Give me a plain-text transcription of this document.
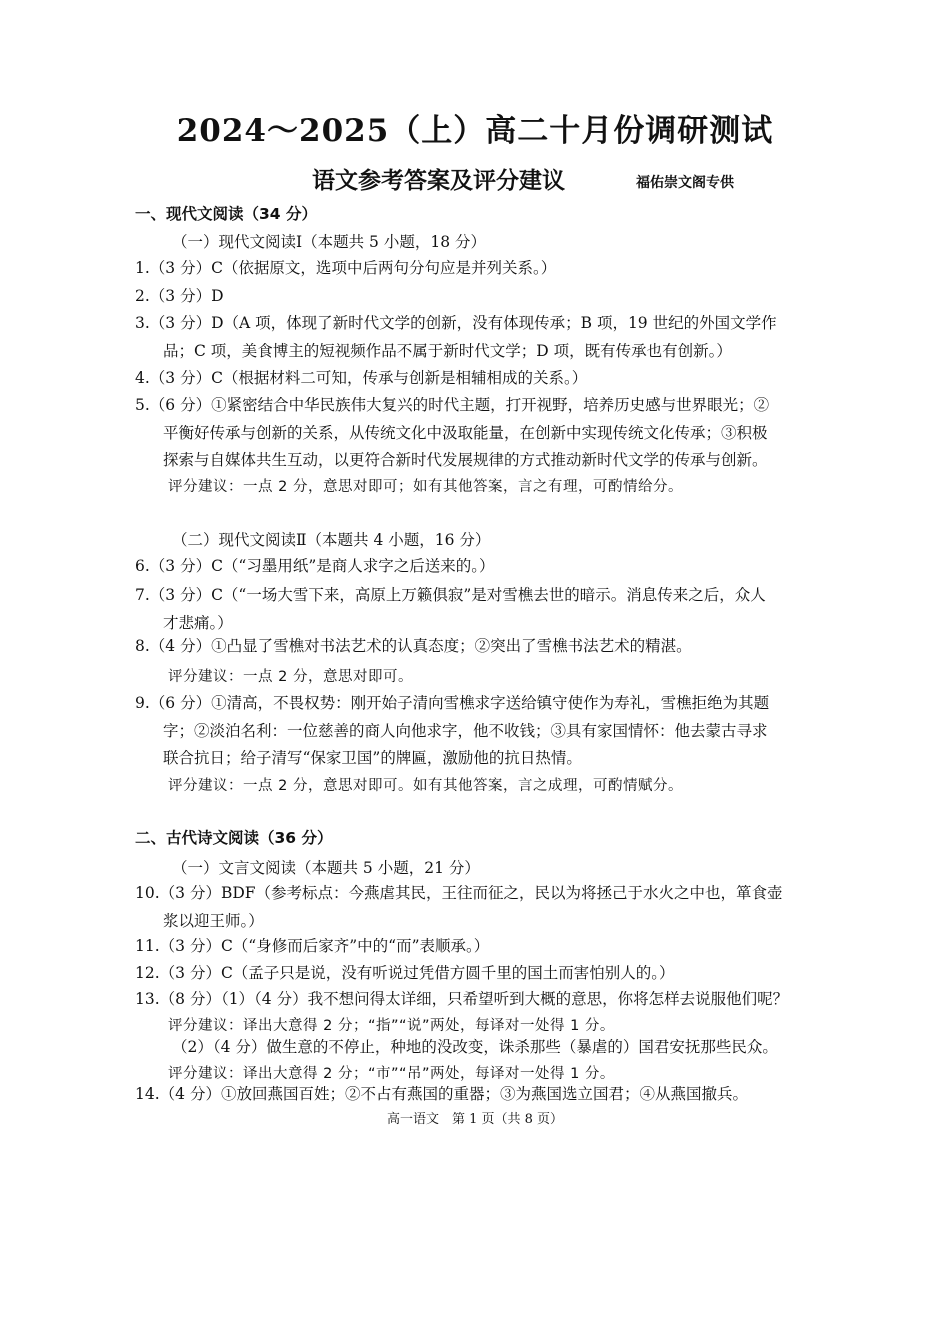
2024～2025（上）高二十月份调研测试
语文参考答案及评分建议	福佑崇文阁专供
一、现代文阅读（34 分）
（一）现代文阅读Ⅰ（本题共 5 小题，18 分）
1.（3 分）C（依据原文，选项中后两句分句应是并列关系。）
2.（3 分）D
3.（3 分）D（A 项，体现了新时代文学的创新，没有体现传承；B 项，19 世纪的外国文学作
品；C 项，美食博主的短视频作品不属于新时代文学；D 项，既有传承也有创新。）
4.（3 分）C（根据材料二可知，传承与创新是相辅相成的关系。）
5.（6 分）①紧密结合中华民族伟大复兴的时代主题，打开视野，培养历史感与世界眼光；②
平衡好传承与创新的关系，从传统文化中汲取能量，在创新中实现传统文化传承；③积极
探索与自媒体共生互动，以更符合新时代发展规律的方式推动新时代文学的传承与创新。
评分建议：一点 2 分，意思对即可；如有其他答案，言之有理，可酌情给分。
（二）现代文阅读Ⅱ（本题共 4 小题，16 分）
6.（3 分）C（“习墨用纸”是商人求字之后送来的。）
7.（3 分）C（“一场大雪下来，高原上万籁俱寂”是对雪樵去世的暗示。消息传来之后，众人
才悲痛。）
8.（4 分）①凸显了雪樵对书法艺术的认真态度；②突出了雪樵书法艺术的精湛。
评分建议：一点 2 分，意思对即可。
9.（6 分）①清高，不畏权势：刚开始子清向雪樵求字送给镇守使作为寿礼，雪樵拒绝为其题
字；②淡泊名利：一位慈善的商人向他求字，他不收钱；③具有家国情怀：他去蒙古寻求
联合抗日；给子清写“保家卫国”的牌匾，激励他的抗日热情。
评分建议：一点 2 分，意思对即可。如有其他答案，言之成理，可酌情赋分。
二、古代诗文阅读（36 分）
（一）文言文阅读（本题共 5 小题，21 分）
10.（3 分）BDF（参考标点：今燕虐其民，王往而征之，民以为将拯己于水火之中也，箪食壶
浆以迎王师。）
11.（3 分）C（“身修而后家齐”中的“而”表顺承。）
12.（3 分）C（孟子只是说，没有听说过凭借方圆千里的国土而害怕别人的。）
13.（8 分）（1）（4 分）我不想问得太详细，只希望听到大概的意思，你将怎样去说服他们呢？
评分建议：译出大意得 2 分；“指”“说”两处，每译对一处得 1 分。
（2）（4 分）做生意的不停止，种地的没改变，诛杀那些（暴虐的）国君安抚那些民众。
评分建议：译出大意得 2 分；“市”“吊”两处，每译对一处得 1 分。
14.（4 分）①放回燕国百姓；②不占有燕国的重器；③为燕国选立国君；④从燕国撤兵。
高一语文　第 1 页（共 8 页）
